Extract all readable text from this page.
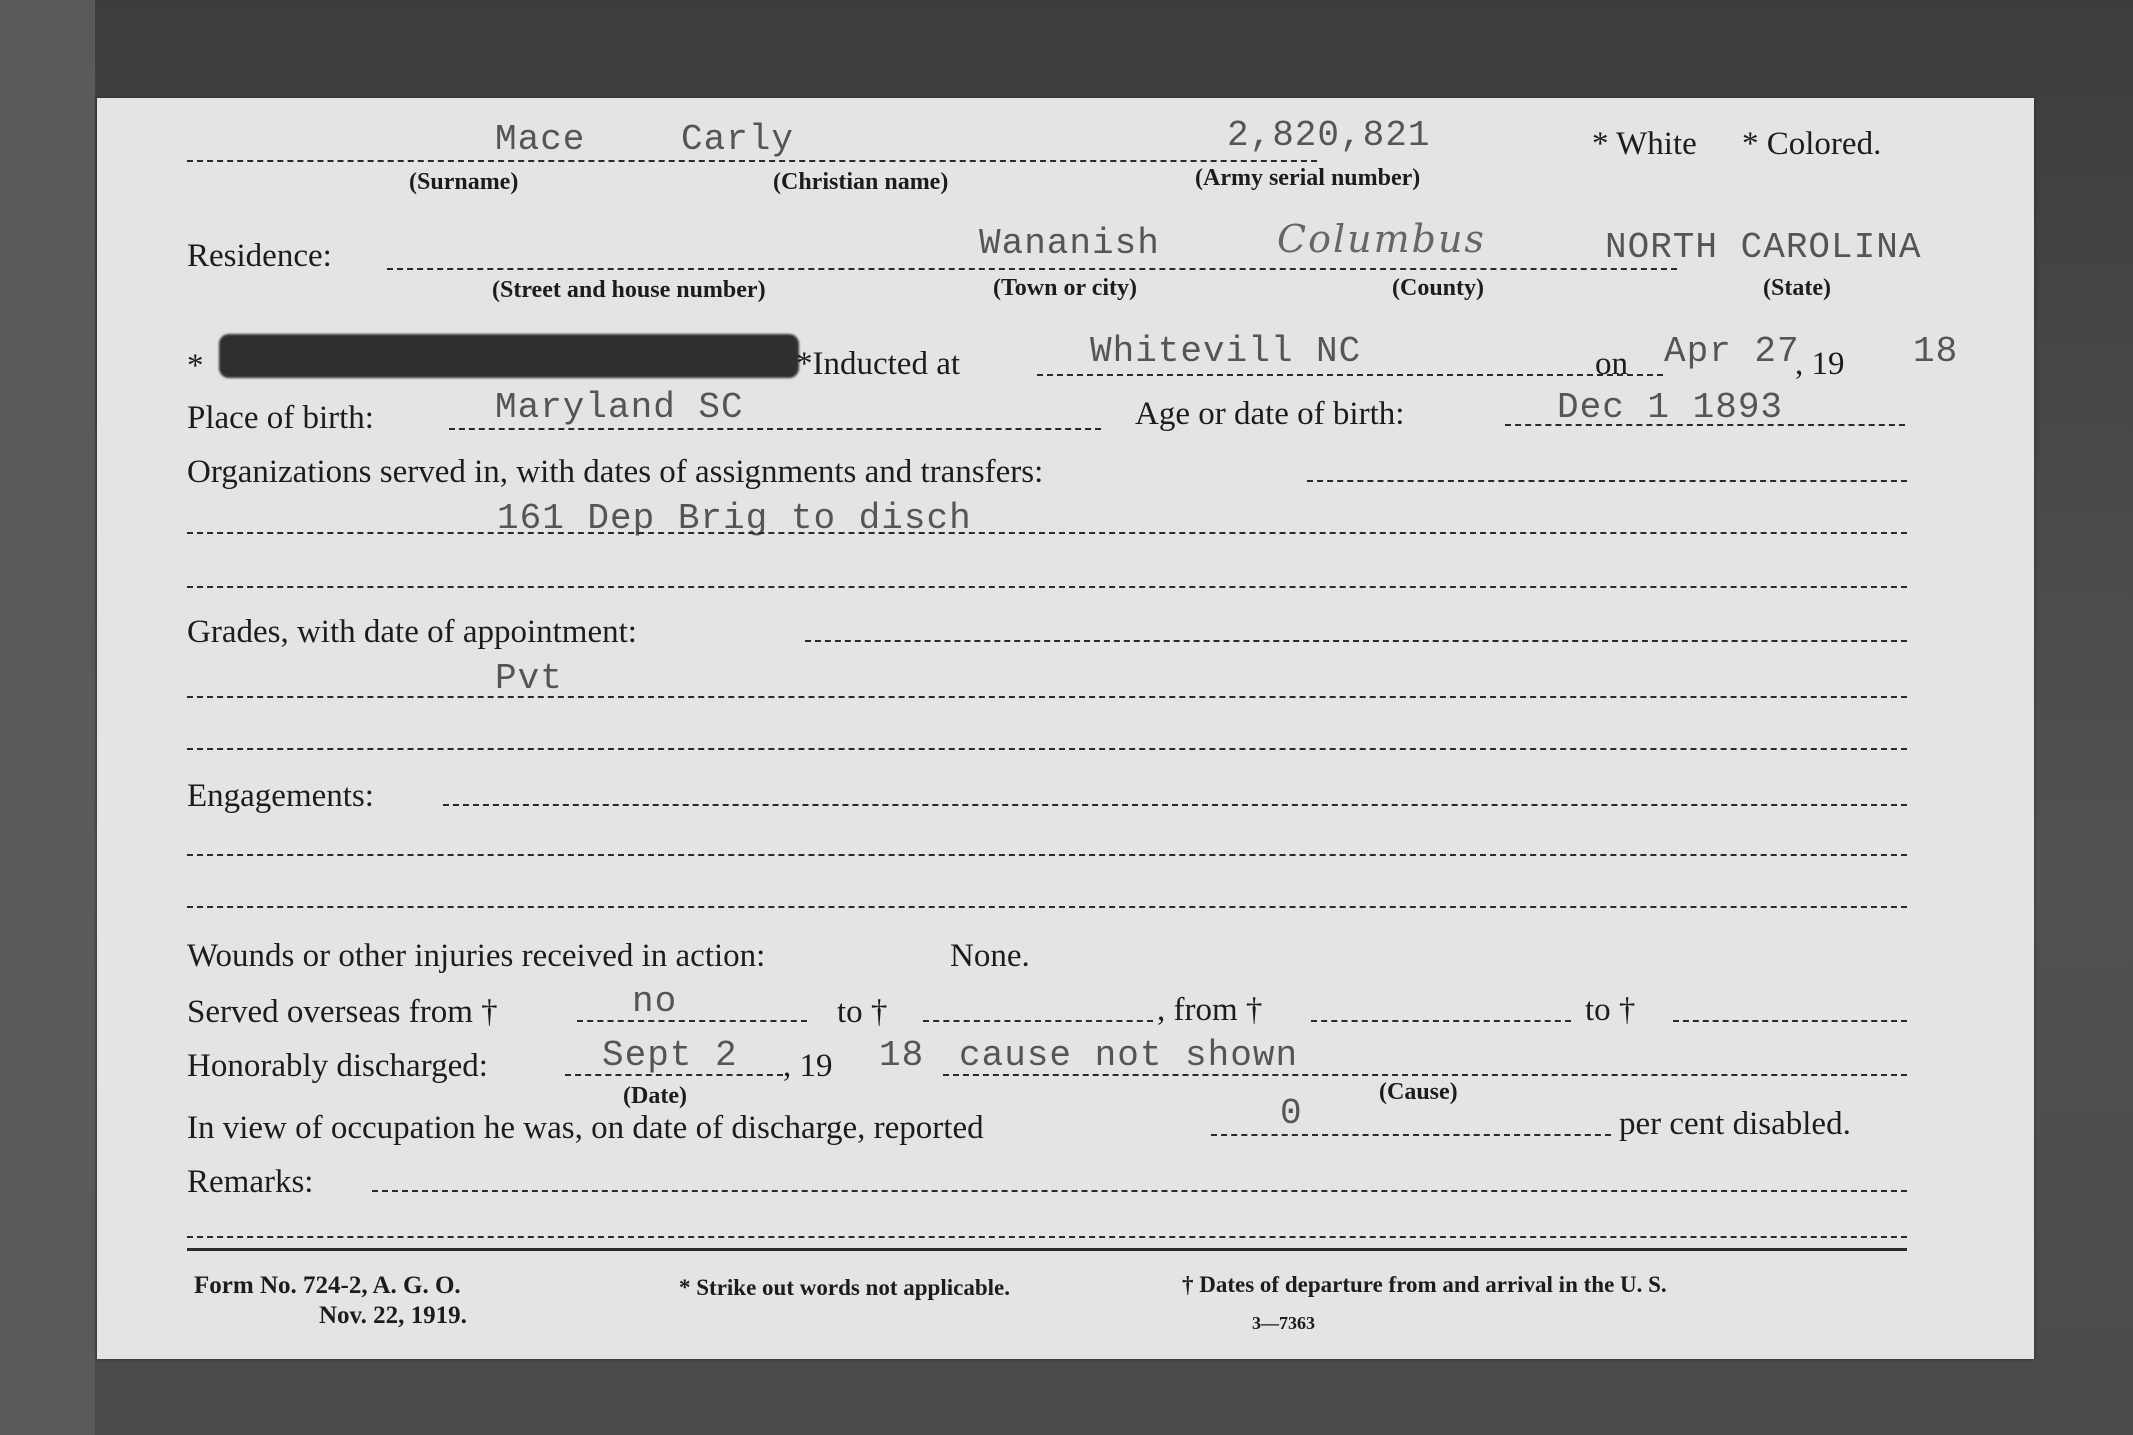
Mace	Carly	2,820,821	* White * Colored.
(Surname)	(Christian name)	(Army serial number)
Residence:	Wananish	Columbus	NORTH CAROLINA
(Street and house number)	(Town or city)	(County)	(State)
*	*Inducted at	Whitevill NC	on Apr 27
, 19 18
Place of birth:	Maryland SC	Age or date of birth:	Dec 1 1893
Organizations served in, with dates of assignments and transfers:
161 Dep Brig to disch
Grades, with date of appointment:
Pvt
Engagements:
Wounds or other injuries received in action:	None.
Served overseas from †	no	to †	, from †	to †
Honorably discharged:	Sept 2 , 19 18 cause not shown
(Date)	(Cause)
In view of occupation he was, on date of discharge, reported	0	per cent disabled.
Remarks:
Form No. 724-2, A. G. O.
Nov. 22, 1919.
* Strike out words not applicable.	† Dates of departure from and arrival in the U. S.
3—7363
